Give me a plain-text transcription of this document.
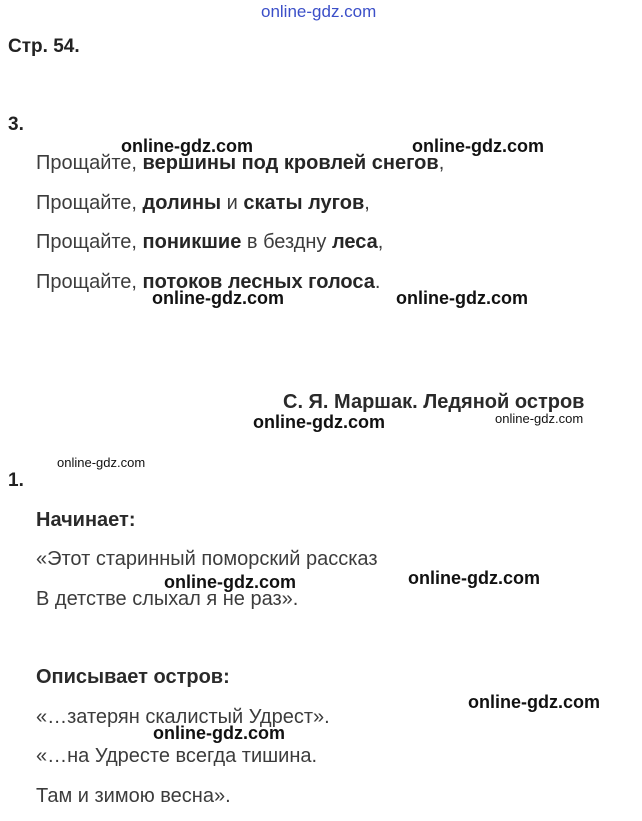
online-gdz.com
Стр. 54.
3.
Прощайте, вершины под кровлей снегов,
Прощайте, долины и скаты лугов,
Прощайте, поникшие в бездну леса,
Прощайте, потоков лесных голоса.
С. Я. Маршак. Ледяной остров
1.
Начинает:
«Этот старинный поморский рассказ
В детстве слыхал я не раз».
Описывает остров:
«…затерян скалистый Удрест».
«…на Удресте всегда тишина.
Там и зимою весна».
online-gdz.com	online-gdz.com
online-gdz.com	online-gdz.com
online-gdz.com	online-gdz.com
online-gdz.com
online-gdz.com	online-gdz.com
online-gdz.com
online-gdz.com
